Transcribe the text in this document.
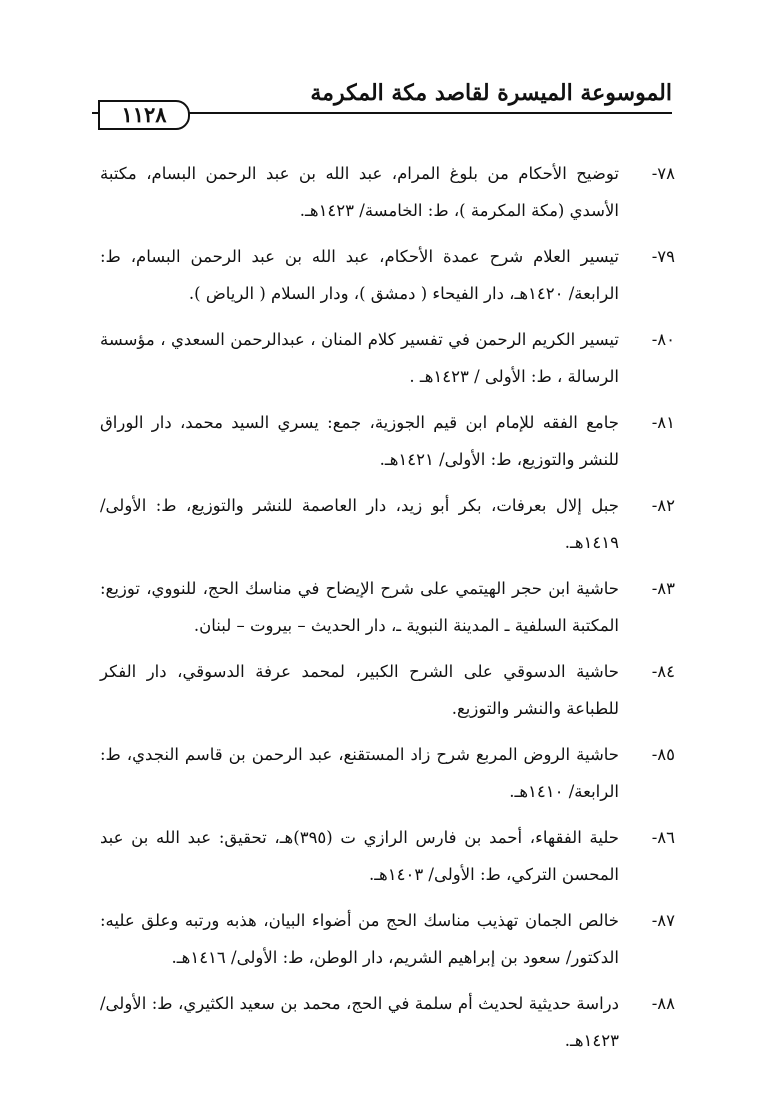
الموسوعة الميسرة لقاصد مكة المكرمة
١١٢٨
٧٨-
توضيح الأحكام من بلوغ المرام، عبد الله بن عبد الرحمن البسام، مكتبة الأسدي (مكة المكرمة )، ط: الخامسة/ ١٤٢٣هـ.
٧٩-
تيسير العلام شرح عمدة الأحكام، عبد الله بن عبد الرحمن البسام، ط: الرابعة/ ١٤٢٠هـ، دار الفيحاء ( دمشق )، ودار السلام ( الرياض ).
٨٠-
تيسير الكريم الرحمن في تفسير كلام المنان ، عبدالرحمن السعدي ، مؤسسة الرسالة ، ط: الأولى / ١٤٢٣هـ .
٨١-
جامع الفقه للإمام ابن قيم الجوزية، جمع: يسري السيد محمد، دار الوراق للنشر والتوزيع، ط: الأولى/ ١٤٢١هـ.
٨٢-
جبل إلال بعرفات، بكر أبو زيد، دار العاصمة للنشر والتوزيع، ط: الأولى/ ١٤١٩هـ.
٨٣-
حاشية ابن حجر الهيتمي على شرح الإيضاح في مناسك الحج، للنووي، توزيع: المكتبة السلفية ـ المدينة النبوية ـ، دار الحديث – بيروت – لبنان.
٨٤-
حاشية الدسوقي على الشرح الكبير، لمحمد عرفة الدسوقي، دار الفكر للطباعة والنشر والتوزيع.
٨٥-
حاشية الروض المربع شرح زاد المستقنع، عبد الرحمن بن قاسم النجدي، ط: الرابعة/ ١٤١٠هـ.
٨٦-
حلية الفقهاء، أحمد بن فارس الرازي ت (٣٩٥)هـ، تحقيق: عبد الله بن عبد المحسن التركي، ط: الأولى/ ١٤٠٣هـ.
٨٧-
خالص الجمان تهذيب مناسك الحج من أضواء البيان، هذبه ورتبه وعلق عليه: الدكتور/ سعود بن إبراهيم الشريم، دار الوطن، ط: الأولى/ ١٤١٦هـ.
٨٨-
دراسة حديثية لحديث أم سلمة في الحج، محمد بن سعيد الكثيري، ط: الأولى/ ١٤٢٣هـ.
